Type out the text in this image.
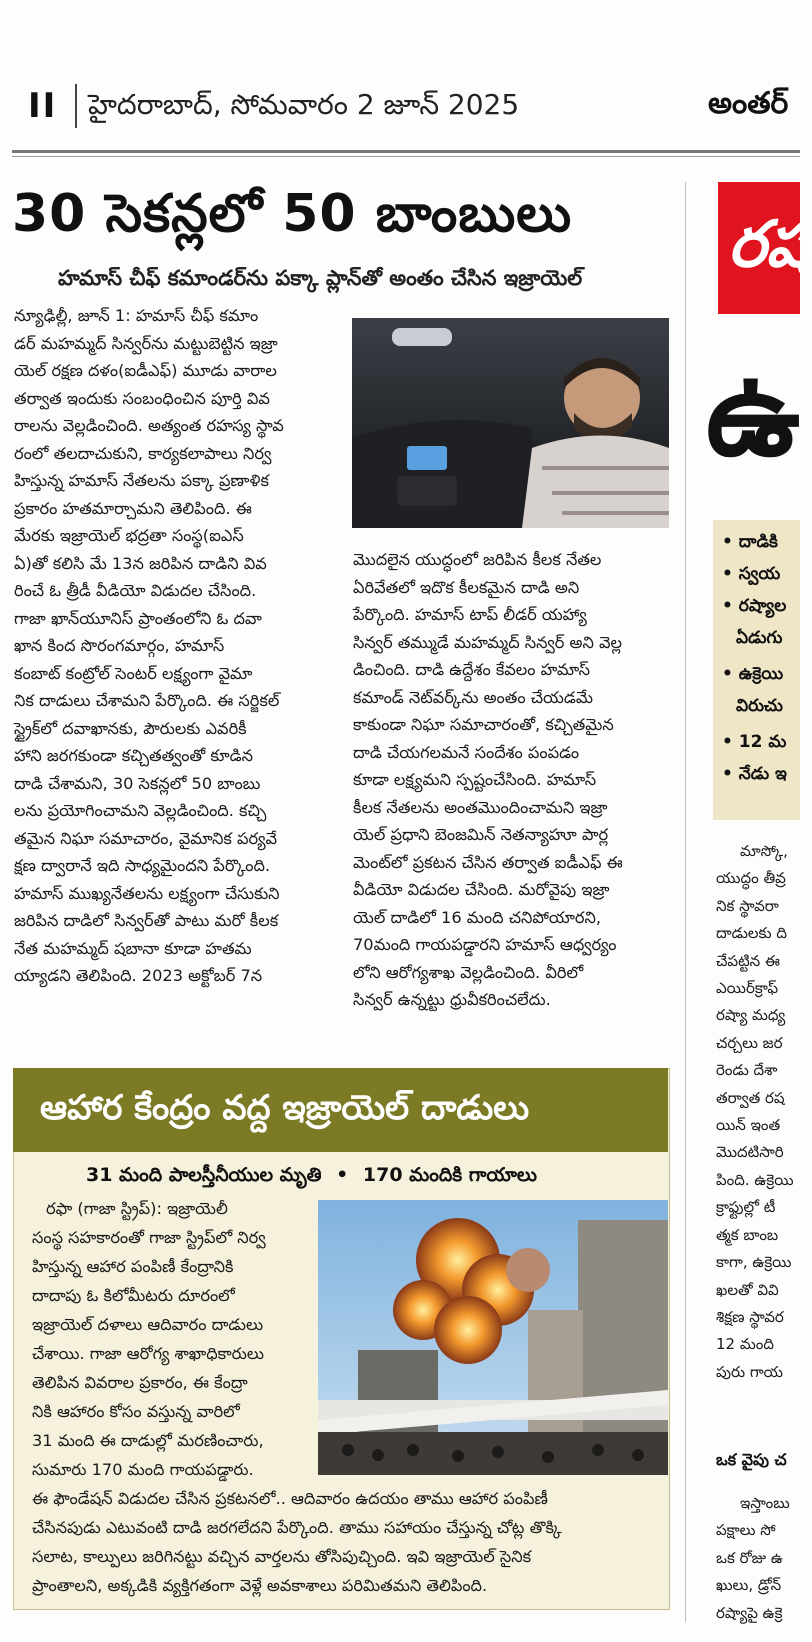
II హైదరాబాద్, సోమవారం 2 జూన్ 2025	అంతర్
30 సెకన్లలో 50 బాంబులు
హమాస్ చీఫ్ కమాండర్‌ను పక్కా ప్లాన్‌తో అంతం చేసిన ఇజ్రాయెల్
న్యూఢిల్లీ, జూన్ 1: హమాస్ చీఫ్ కమాం
డర్ మహమ్మద్ సిన్వర్‌ను మట్టుబెట్టిన ఇజ్రా
యెల్ రక్షణ దళం(ఐడీఎఫ్) మూడు వారాల
తర్వాత ఇందుకు సంబంధించిన పూర్తి వివ
రాలను వెల్లడించింది. అత్యంత రహస్య స్థావ
రంలో తలదాచుకుని, కార్యకలాపాలు నిర్వ
హిస్తున్న హమాస్ నేతలను పక్కా ప్రణాళిక
ప్రకారం హతమార్చామని తెలిపింది. ఈ
మేరకు ఇజ్రాయెల్ భద్రతా సంస్థ(ఐఎస్
ఏ)తో కలిసి మే 13న జరిపిన దాడిని వివ
రించే ఓ త్రీడీ వీడియో విడుదల చేసింది.
గాజా ఖాన్‌యూనిస్ ప్రాంతంలోని ఓ దవా
ఖాన కింద సొరంగమార్గం, హమాస్
కంబాట్ కంట్రోల్ సెంటర్ లక్ష్యంగా వైమా
నిక దాడులు చేశామని పేర్కొంది. ఈ సర్జికల్
స్ట్రైక్‌లో దవాఖానకు, పౌరులకు ఎవరికీ
హాని జరగకుండా కచ్చితత్వంతో కూడిన
దాడి చేశామని, 30 సెకన్లలో 50 బాంబు
లను ప్రయోగించామని వెల్లడించింది. కచ్చి
తమైన నిఘా సమాచారం, వైమానిక పర్యవే
క్షణ ద్వారానే ఇది సాధ్యమైందని పేర్కొంది.
హమాస్ ముఖ్యనేతలను లక్ష్యంగా చేసుకుని
జరిపిన దాడిలో సిన్వర్‌తో పాటు మరో కీలక
నేత మహమ్మద్ షబానా కూడా హతమ
య్యాడని తెలిపింది. 2023 అక్టోబర్ 7న
మొదలైన యుద్ధంలో జరిపిన కీలక నేతల
ఏరివేతలో ఇదొక కీలకమైన దాడి అని
పేర్కొంది. హమాస్ టాప్ లీడర్ యహ్యా
సిన్వర్ తమ్ముడే మహమ్మద్ సిన్వర్ అని వెల్ల
డించింది. దాడి ఉద్దేశం కేవలం హమాస్
కమాండ్ నెట్‌వర్క్‌ను అంతం చేయడమే
కాకుండా నిఘా సమాచారంతో, కచ్చితమైన
దాడి చేయగలమనే సందేశం పంపడం
కూడా లక్ష్యమని స్పష్టంచేసింది. హమాస్
కీలక నేతలను అంతమొందించామని ఇజ్రా
యెల్ ప్రధాని బెంజమిన్ నెతన్యాహూ పార్ల
మెంట్‌లో ప్రకటన చేసిన తర్వాత ఐడీఎఫ్ ఈ
వీడియో విడుదల చేసింది. మరోవైపు ఇజ్రా
యెల్ దాడిలో 16 మంది చనిపోయారని,
70మంది గాయపడ్డారని హమాస్ ఆధ్వర్యం
లోని ఆరోగ్యశాఖ వెల్లడించింది. వీరిలో
సిన్వర్ ఉన్నట్టు ధ్రువీకరించలేదు.
ఆహార కేంద్రం వద్ద ఇజ్రాయెల్ దాడులు
31 మంది పాలస్తీనీయుల మృతి • 170 మందికి గాయాలు
రఫా (గాజా స్ట్రిప్): ఇజ్రాయెలీ
సంస్థ సహకారంతో గాజా స్ట్రిప్‌లో నిర్వ
హిస్తున్న ఆహార పంపిణీ కేంద్రానికి
దాదాపు ఓ కిలోమీటరు దూరంలో
ఇజ్రాయెల్ దళాలు ఆదివారం దాడులు
చేశాయి. గాజా ఆరోగ్య శాఖాధికారులు
తెలిపిన వివరాల ప్రకారం, ఈ కేంద్రా
నికి ఆహారం కోసం వస్తున్న వారిలో
31 మంది ఈ దాడుల్లో మరణించారు,
సుమారు 170 మంది గాయపడ్డారు.
ఈ ఫౌండేషన్ విడుదల చేసిన ప్రకటనలో.. ఆదివారం ఉదయం తాము ఆహార పంపిణీ
చేసినపుడు ఎటువంటి దాడి జరగలేదని పేర్కొంది. తాము సహాయం చేస్తున్న చోట్ల తొక్కి
సలాట, కాల్పులు జరిగినట్టు వచ్చిన వార్తలను తోసిపుచ్చింది. ఇవి ఇజ్రాయెల్ సైనిక
ప్రాంతాలని, అక్కడికి వ్యక్తిగతంగా వెళ్లే అవకాశాలు పరిమితమని తెలిపింది.
రష
ఉ
• దాడికి
• స్వయ
• రష్యాల
ఏడుగు
• ఉక్రెయి
విరుచు
• 12 మ
• నేడు ఇ
మాస్కో,
యుద్ధం తీవ్ర
నిక స్థావరా
దాడులకు ది
చేపట్టిన ఈ
ఎయిర్‌క్రాఫ్
రష్యా మధ్య
చర్చలు జర
రెండు దేశా
తర్వాత రష
యిన్ ఇంత
మొదటిసారి
పింది. ఉక్రెయి
క్రాఫ్టుల్లో టీ
త్మక బాంబ
కాగా, ఉక్రెయి
ఖలతో వివి
శిక్షణ స్థావర
12 మంది
పురు గాయ
ఒక వైపు చ
ఇస్తాంబు
పక్షాలు సో
ఒక రోజు ఉ
ఖులు, డ్రోన్
రష్యాపై ఉక్రె
